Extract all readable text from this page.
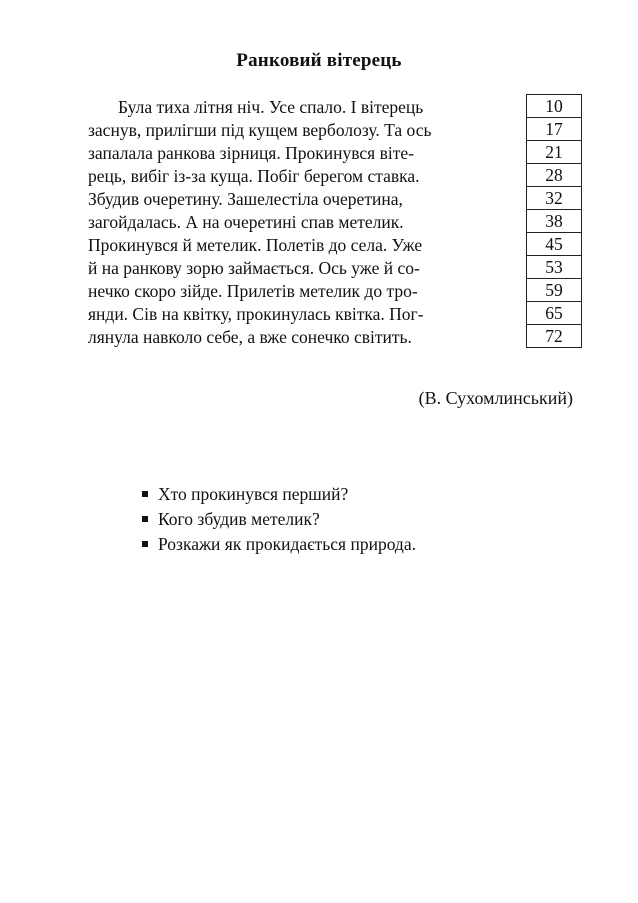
Ранковий вітерець
Була тиха літня ніч. Усе спало. І вітерець
заснув, прилігши під кущем верболозу. Та ось
запалала ранкова зірниця. Прокинувся віте-
рець, вибіг із-за куща. Побіг берегом ставка.
Збудив очеретину. Зашелестіла очеретина,
загойдалась. А на очеретині спав метелик.
Прокинувся й метелик. Полетів до села. Уже
й на ранкову зорю займається. Ось уже й со-
нечко скоро зійде. Прилетів метелик до тро-
янди. Сів на квітку, прокинулась квітка. Пог-
лянула навколо себе, а вже сонечко світить.
10
17
21
28
32
38
45
53
59
65
72
(В. Сухомлинський)
Хто прокинувся перший?
Кого збудив метелик?
Розкажи як прокидається природа.
